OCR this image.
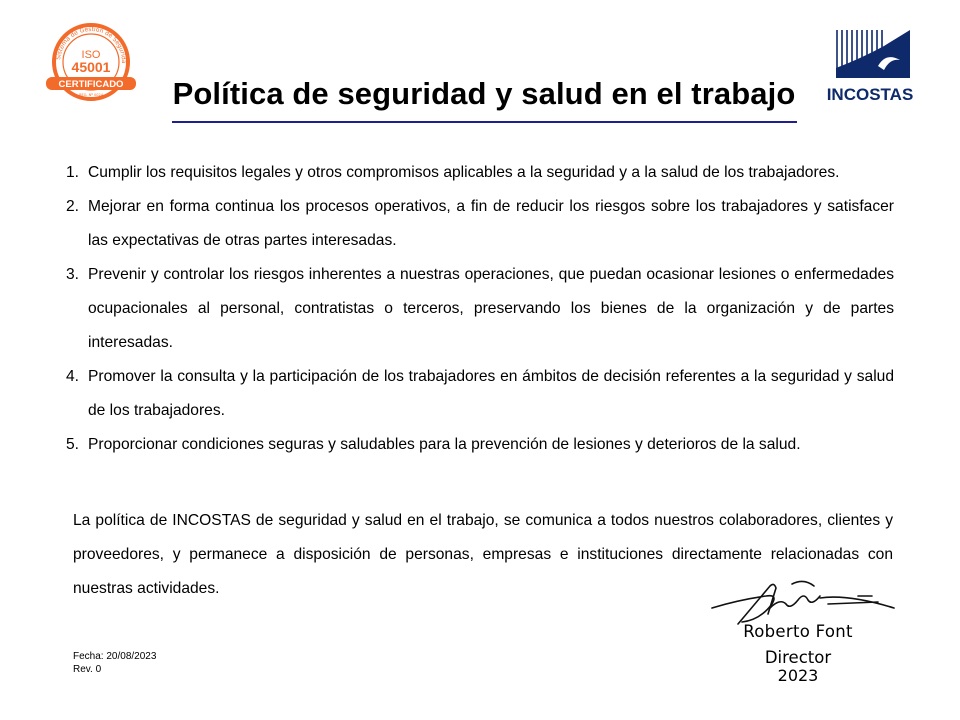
Sistema de Gestión de Segurida
ISO
45001
CERTIFICADO
REG. Nº 0024	INCOSTAS
Política de seguridad y salud en el trabajo
1. Cumplir los requisitos legales y otros compromisos aplicables a la seguridad y a la salud de los trabajadores.
2. Mejorar en forma continua los procesos operativos, a fin de reducir los riesgos sobre los trabajadores y satisfacer las expectativas de otras partes interesadas.
3. Prevenir y controlar los riesgos inherentes a nuestras operaciones, que puedan ocasionar lesiones o enfermedades ocupacionales al personal, contratistas o terceros, preservando los bienes de la organización y de partes interesadas.
4. Promover la consulta y la participación de los trabajadores en ámbitos de decisión referentes a la seguridad y salud de los trabajadores.
5. Proporcionar condiciones seguras y saludables para la prevención de lesiones y deterioros de la salud.

La política de INCOSTAS de seguridad y salud en el trabajo, se comunica a todos nuestros colaboradores, clientes y proveedores, y permanece a disposición de personas, empresas e instituciones directamente relacionadas con nuestras actividades.

Roberto Font
Director
2023
Fecha: 20/08/2023
Rev. 0
